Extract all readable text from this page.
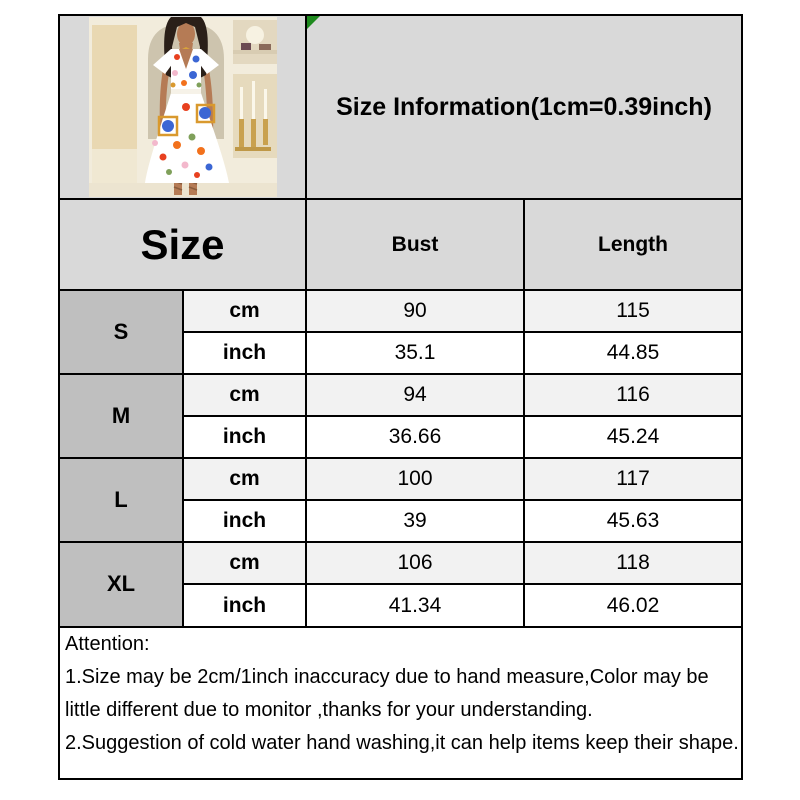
Size Information(1cm=0.39inch)	
Size		Bust	Length
S	cm	90	115
	inch	35.1	44.85
M	cm	94	116
	inch	36.66	45.24
L	cm	100	117
	inch	39	45.63
XL	cm	106	118
	inch	41.34	46.02

Attention:
1.Size may be 2cm/1inch inaccuracy due to hand measure,Color may be
little different due to monitor ,thanks for your understanding.
2.Suggestion of cold water hand washing,it can help items keep their shape.			
